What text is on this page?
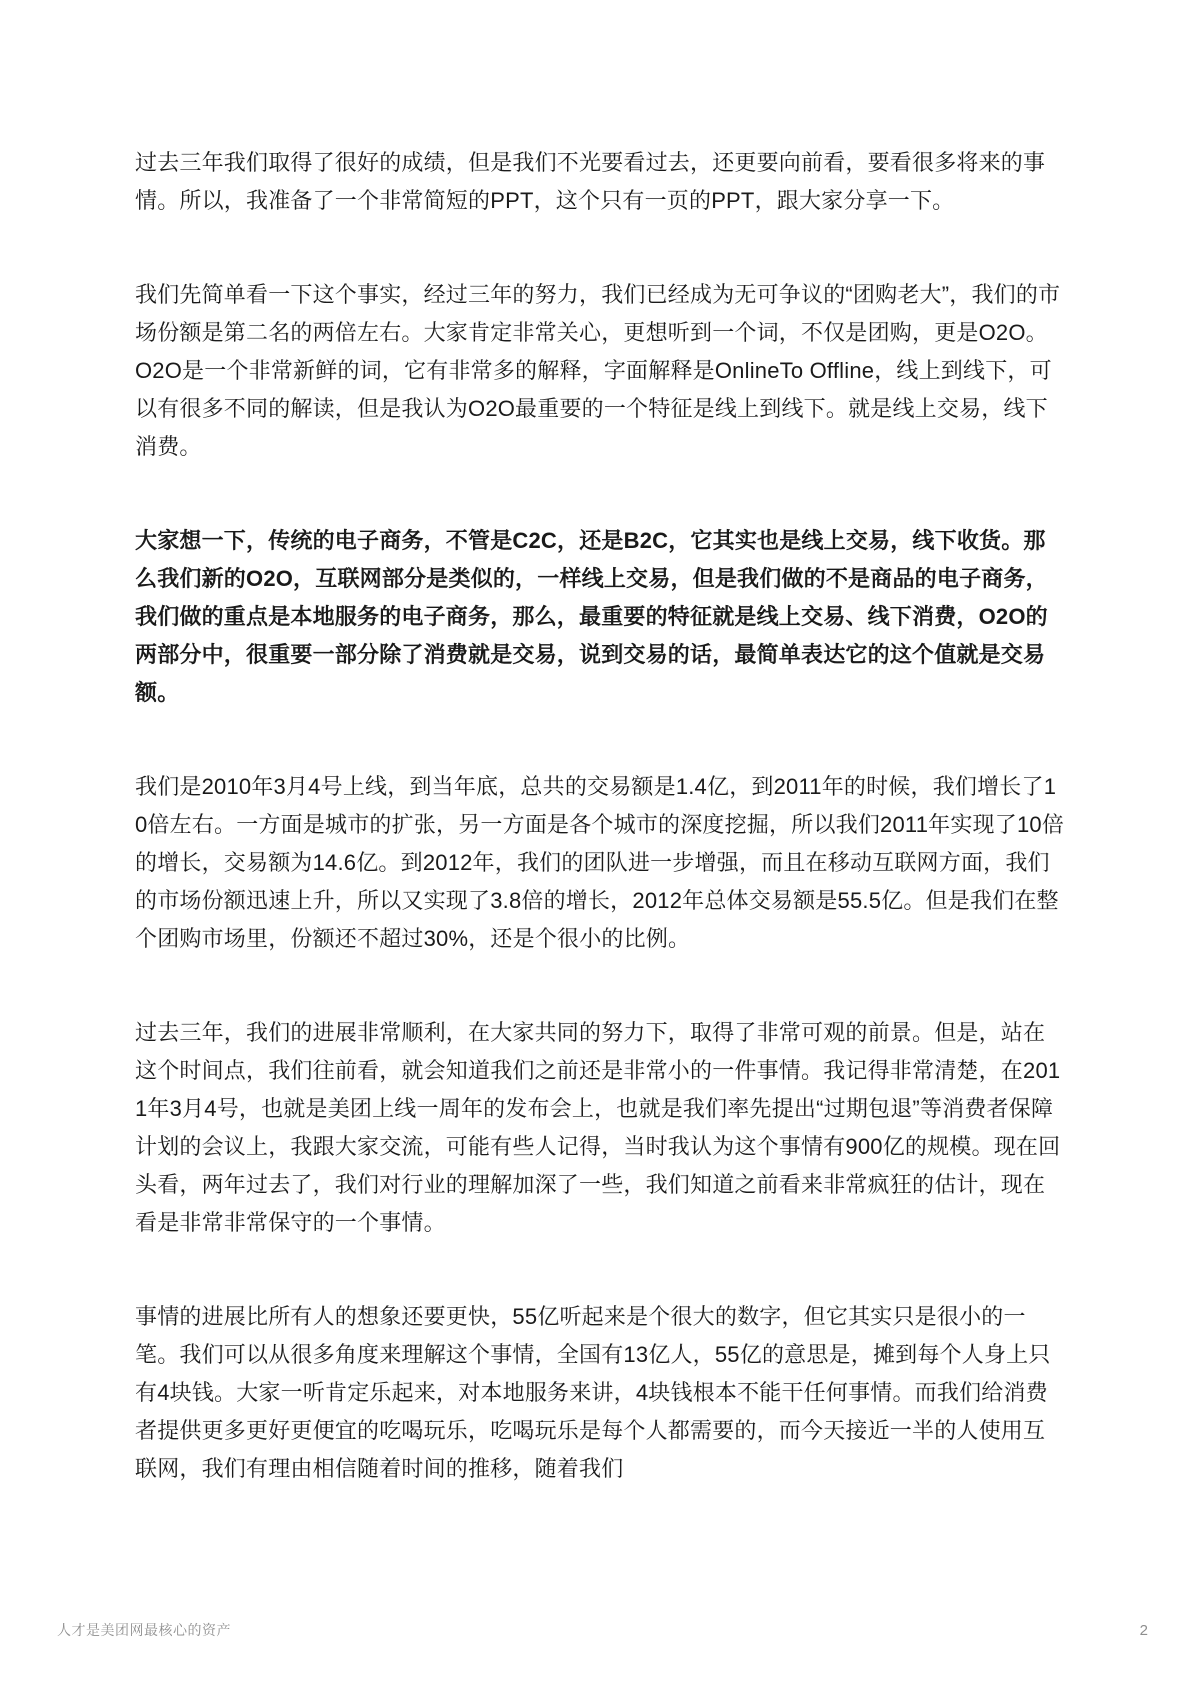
过去三年我们取得了很好的成绩，但是我们不光要看过去，还更要向前看，要看很多将来的事情。所以，我准备了一个非常简短的PPT，这个只有一页的PPT，跟大家分享一下。

我们先简单看一下这个事实，经过三年的努力，我们已经成为无可争议的“团购老大”，我们的市场份额是第二名的两倍左右。大家肯定非常关心，更想听到一个词，不仅是团购，更是O2O。O2O是一个非常新鲜的词，它有非常多的解释，字面解释是OnlineTo Offline，线上到线下，可以有很多不同的解读，但是我认为O2O最重要的一个特征是线上到线下。就是线上交易，线下消费。

大家想一下，传统的电子商务，不管是C2C，还是B2C，它其实也是线上交易，线下收货。那么我们新的O2O，互联网部分是类似的，一样线上交易，但是我们做的不是商品的电子商务，我们做的重点是本地服务的电子商务，那么，最重要的特征就是线上交易、线下消费，O2O的两部分中，很重要一部分除了消费就是交易，说到交易的话，最简单表达它的这个值就是交易额。

我们是2010年3月4号上线，到当年底，总共的交易额是1.4亿，到2011年的时候，我们增长了10倍左右。一方面是城市的扩张，另一方面是各个城市的深度挖掘，所以我们2011年实现了10倍的增长，交易额为14.6亿。到2012年，我们的团队进一步增强，而且在移动互联网方面，我们的市场份额迅速上升，所以又实现了3.8倍的增长，2012年总体交易额是55.5亿。但是我们在整个团购市场里，份额还不超过30%，还是个很小的比例。

过去三年，我们的进展非常顺利，在大家共同的努力下，取得了非常可观的前景。但是，站在这个时间点，我们往前看，就会知道我们之前还是非常小的一件事情。我记得非常清楚，在2011年3月4号，也就是美团上线一周年的发布会上，也就是我们率先提出“过期包退”等消费者保障计划的会议上，我跟大家交流，可能有些人记得，当时我认为这个事情有900亿的规模。现在回头看，两年过去了，我们对行业的理解加深了一些，我们知道之前看来非常疯狂的估计，现在看是非常非常保守的一个事情。

事情的进展比所有人的想象还要更快，55亿听起来是个很大的数字，但它其实只是很小的一笔。我们可以从很多角度来理解这个事情，全国有13亿人，55亿的意思是，摊到每个人身上只有4块钱。大家一听肯定乐起来，对本地服务来讲，4块钱根本不能干任何事情。而我们给消费者提供更多更好更便宜的吃喝玩乐，吃喝玩乐是每个人都需要的，而今天接近一半的人使用互联网，我们有理由相信随着时间的推移，随着我们

人才是美团网最核心的资产	2
